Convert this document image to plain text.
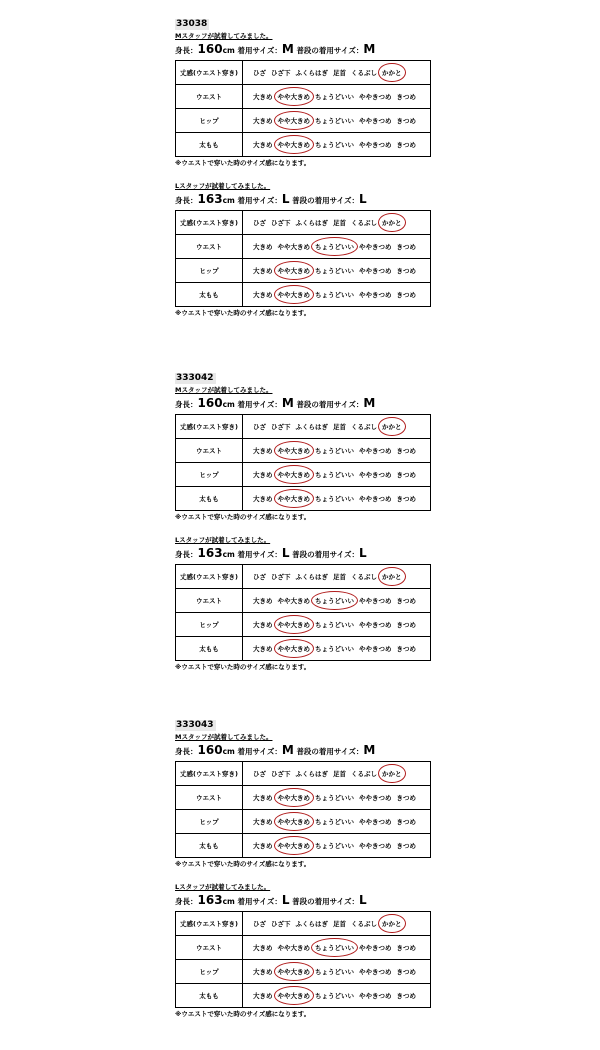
33038
Mスタッフが試着してみました。
身長：160cm 着用サイズ：M 普段の着用サイズ：M
丈感(ウエスト穿き)	ひざ ひざ下 ふくらはぎ 足首 くるぶし かかと
ウエスト	大きめ やや大きめ ちょうどいい ややきつめ きつめ
ヒップ	大きめ やや大きめ ちょうどいい ややきつめ きつめ
太もも	大きめ やや大きめ ちょうどいい ややきつめ きつめ
※ウエストで穿いた時のサイズ感になります。
Lスタッフが試着してみました。
身長：163cm 着用サイズ：L 普段の着用サイズ：L
丈感(ウエスト穿き)	ひざ ひざ下 ふくらはぎ 足首 くるぶし かかと
ウエスト	大きめ やや大きめ ちょうどいい ややきつめ きつめ
ヒップ	大きめ やや大きめ ちょうどいい ややきつめ きつめ
太もも	大きめ やや大きめ ちょうどいい ややきつめ きつめ
※ウエストで穿いた時のサイズ感になります。
333042
Mスタッフが試着してみました。
身長：160cm 着用サイズ：M 普段の着用サイズ：M
丈感(ウエスト穿き)	ひざ ひざ下 ふくらはぎ 足首 くるぶし かかと
ウエスト	大きめ やや大きめ ちょうどいい ややきつめ きつめ
ヒップ	大きめ やや大きめ ちょうどいい ややきつめ きつめ
太もも	大きめ やや大きめ ちょうどいい ややきつめ きつめ
※ウエストで穿いた時のサイズ感になります。
Lスタッフが試着してみました。
身長：163cm 着用サイズ：L 普段の着用サイズ：L
丈感(ウエスト穿き)	ひざ ひざ下 ふくらはぎ 足首 くるぶし かかと
ウエスト	大きめ やや大きめ ちょうどいい ややきつめ きつめ
ヒップ	大きめ やや大きめ ちょうどいい ややきつめ きつめ
太もも	大きめ やや大きめ ちょうどいい ややきつめ きつめ
※ウエストで穿いた時のサイズ感になります。
333043
Mスタッフが試着してみました。
身長：160cm 着用サイズ：M 普段の着用サイズ：M
丈感(ウエスト穿き)	ひざ ひざ下 ふくらはぎ 足首 くるぶし かかと
ウエスト	大きめ やや大きめ ちょうどいい ややきつめ きつめ
ヒップ	大きめ やや大きめ ちょうどいい ややきつめ きつめ
太もも	大きめ やや大きめ ちょうどいい ややきつめ きつめ
※ウエストで穿いた時のサイズ感になります。
Lスタッフが試着してみました。
身長：163cm 着用サイズ：L 普段の着用サイズ：L
丈感(ウエスト穿き)	ひざ ひざ下 ふくらはぎ 足首 くるぶし かかと
ウエスト	大きめ やや大きめ ちょうどいい ややきつめ きつめ
ヒップ	大きめ やや大きめ ちょうどいい ややきつめ きつめ
太もも	大きめ やや大きめ ちょうどいい ややきつめ きつめ
※ウエストで穿いた時のサイズ感になります。
